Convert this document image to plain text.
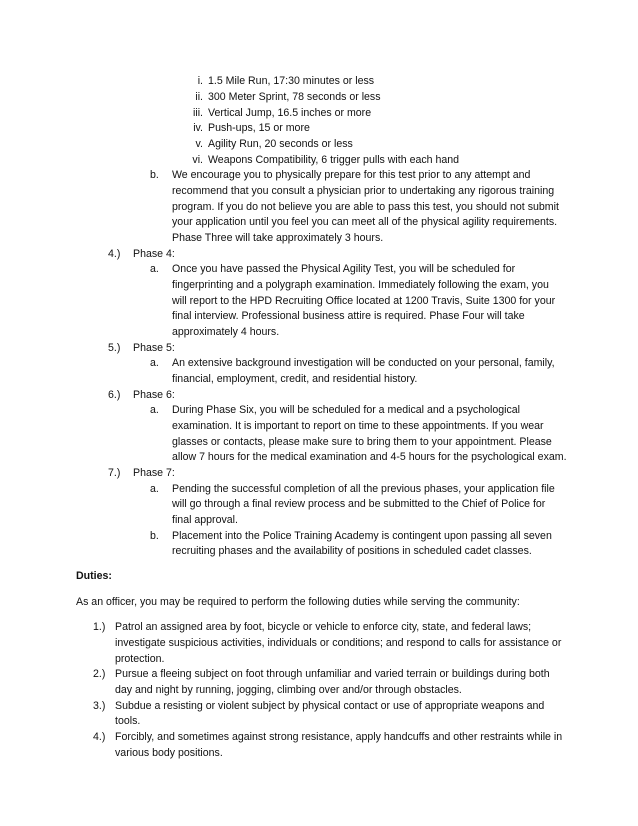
i. 1.5 Mile Run, 17:30 minutes or less
ii. 300 Meter Sprint, 78 seconds or less
iii. Vertical Jump, 16.5 inches or more
iv. Push-ups, 15 or more
v. Agility Run, 20 seconds or less
vi. Weapons Compatibility, 6 trigger pulls with each hand
b. We encourage you to physically prepare for this test prior to any attempt and
recommend that you consult a physician prior to undertaking any rigorous training
program. If you do not believe you are able to pass this test, you should not submit
your application until you feel you can meet all of the physical agility requirements.
Phase Three will take approximately 3 hours.
4.) Phase 4:
a. Once you have passed the Physical Agility Test, you will be scheduled for
fingerprinting and a polygraph examination. Immediately following the exam, you
will report to the HPD Recruiting Office located at 1200 Travis, Suite 1300 for your
final interview. Professional business attire is required. Phase Four will take
approximately 4 hours.
5.) Phase 5:
a. An extensive background investigation will be conducted on your personal, family,
financial, employment, credit, and residential history.
6.) Phase 6:
a. During Phase Six, you will be scheduled for a medical and a psychological
examination. It is important to report on time to these appointments. If you wear
glasses or contacts, please make sure to bring them to your appointment. Please
allow 7 hours for the medical examination and 4-5 hours for the psychological exam.
7.) Phase 7:
a. Pending the successful completion of all the previous phases, your application file
will go through a final review process and be submitted to the Chief of Police for
final approval.
b. Placement into the Police Training Academy is contingent upon passing all seven
recruiting phases and the availability of positions in scheduled cadet classes.
Duties:
As an officer, you may be required to perform the following duties while serving the community:
1.) Patrol an assigned area by foot, bicycle or vehicle to enforce city, state, and federal laws;
investigate suspicious activities, individuals or conditions; and respond to calls for assistance or
protection.
2.) Pursue a fleeing subject on foot through unfamiliar and varied terrain or buildings during both
day and night by running, jogging, climbing over and/or through obstacles.
3.) Subdue a resisting or violent subject by physical contact or use of appropriate weapons and
tools.
4.) Forcibly, and sometimes against strong resistance, apply handcuffs and other restraints while in
various body positions.
